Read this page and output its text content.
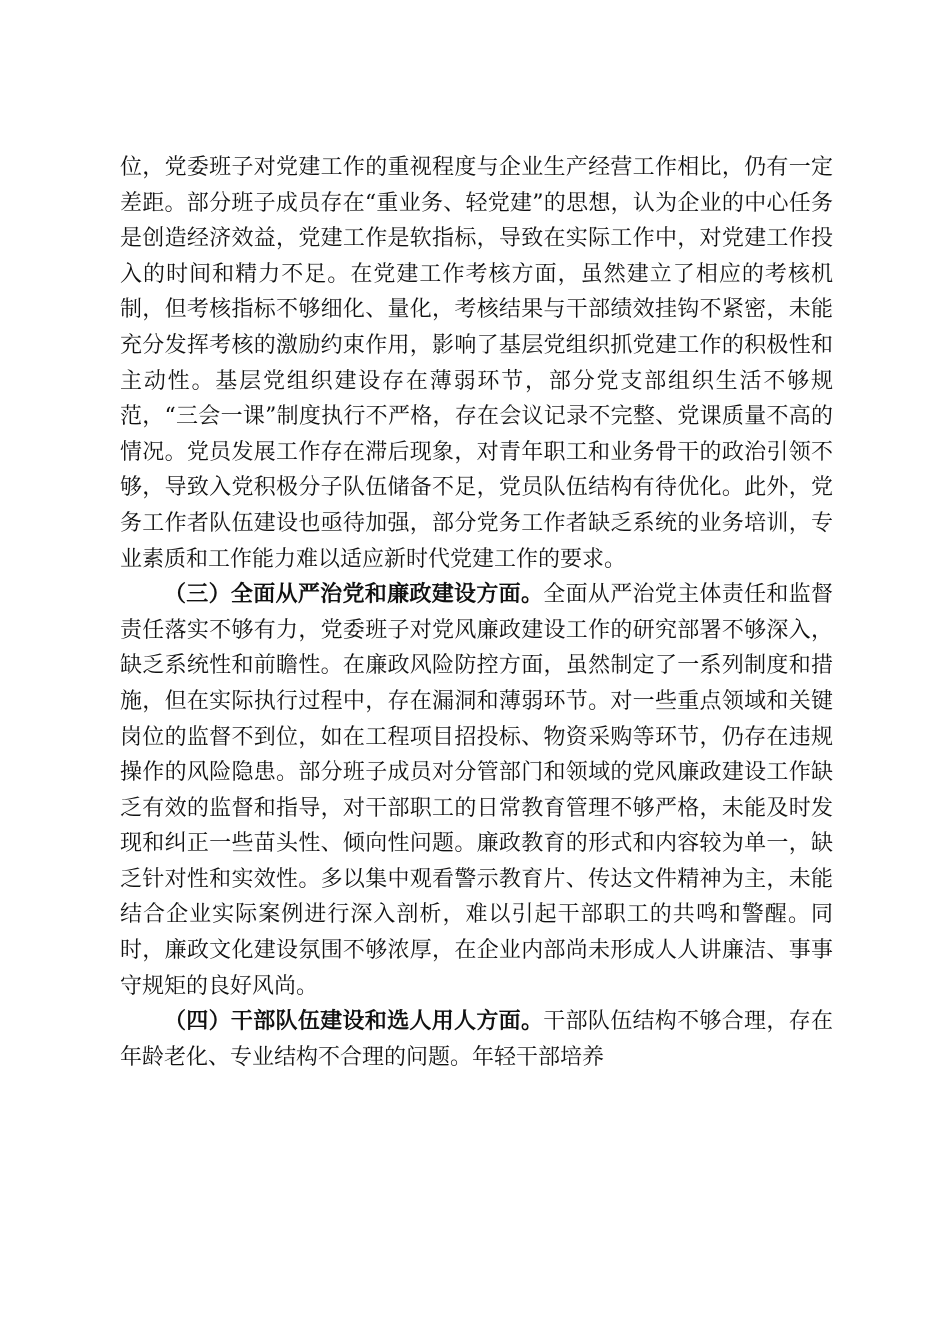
位，党委班子对党建工作的重视程度与企业生产经营工作相比，仍有一定差距。部分班子成员存在“重业务、轻党建”的思想，认为企业的中心任务是创造经济效益，党建工作是软指标，导致在实际工作中，对党建工作投入的时间和精力不足。在党建工作考核方面，虽然建立了相应的考核机制，但考核指标不够细化、量化，考核结果与干部绩效挂钩不紧密，未能充分发挥考核的激励约束作用，影响了基层党组织抓党建工作的积极性和主动性。基层党组织建设存在薄弱环节，部分党支部组织生活不够规范，“三会一课”制度执行不严格，存在会议记录不完整、党课质量不高的情况。党员发展工作存在滞后现象，对青年职工和业务骨干的政治引领不够，导致入党积极分子队伍储备不足，党员队伍结构有待优化。此外，党务工作者队伍建设也亟待加强，部分党务工作者缺乏系统的业务培训，专业素质和工作能力难以适应新时代党建工作的要求。

（三）全面从严治党和廉政建设方面。全面从严治党主体责任和监督责任落实不够有力，党委班子对党风廉政建设工作的研究部署不够深入，缺乏系统性和前瞻性。在廉政风险防控方面，虽然制定了一系列制度和措施，但在实际执行过程中，存在漏洞和薄弱环节。对一些重点领域和关键岗位的监督不到位，如在工程项目招投标、物资采购等环节，仍存在违规操作的风险隐患。部分班子成员对分管部门和领域的党风廉政建设工作缺乏有效的监督和指导，对干部职工的日常教育管理不够严格，未能及时发现和纠正一些苗头性、倾向性问题。廉政教育的形式和内容较为单一，缺乏针对性和实效性。多以集中观看警示教育片、传达文件精神为主，未能结合企业实际案例进行深入剖析，难以引起干部职工的共鸣和警醒。同时，廉政文化建设氛围不够浓厚，在企业内部尚未形成人人讲廉洁、事事守规矩的良好风尚。

（四）干部队伍建设和选人用人方面。干部队伍结构不够合理，存在年龄老化、专业结构不合理的问题。年轻干部培养
